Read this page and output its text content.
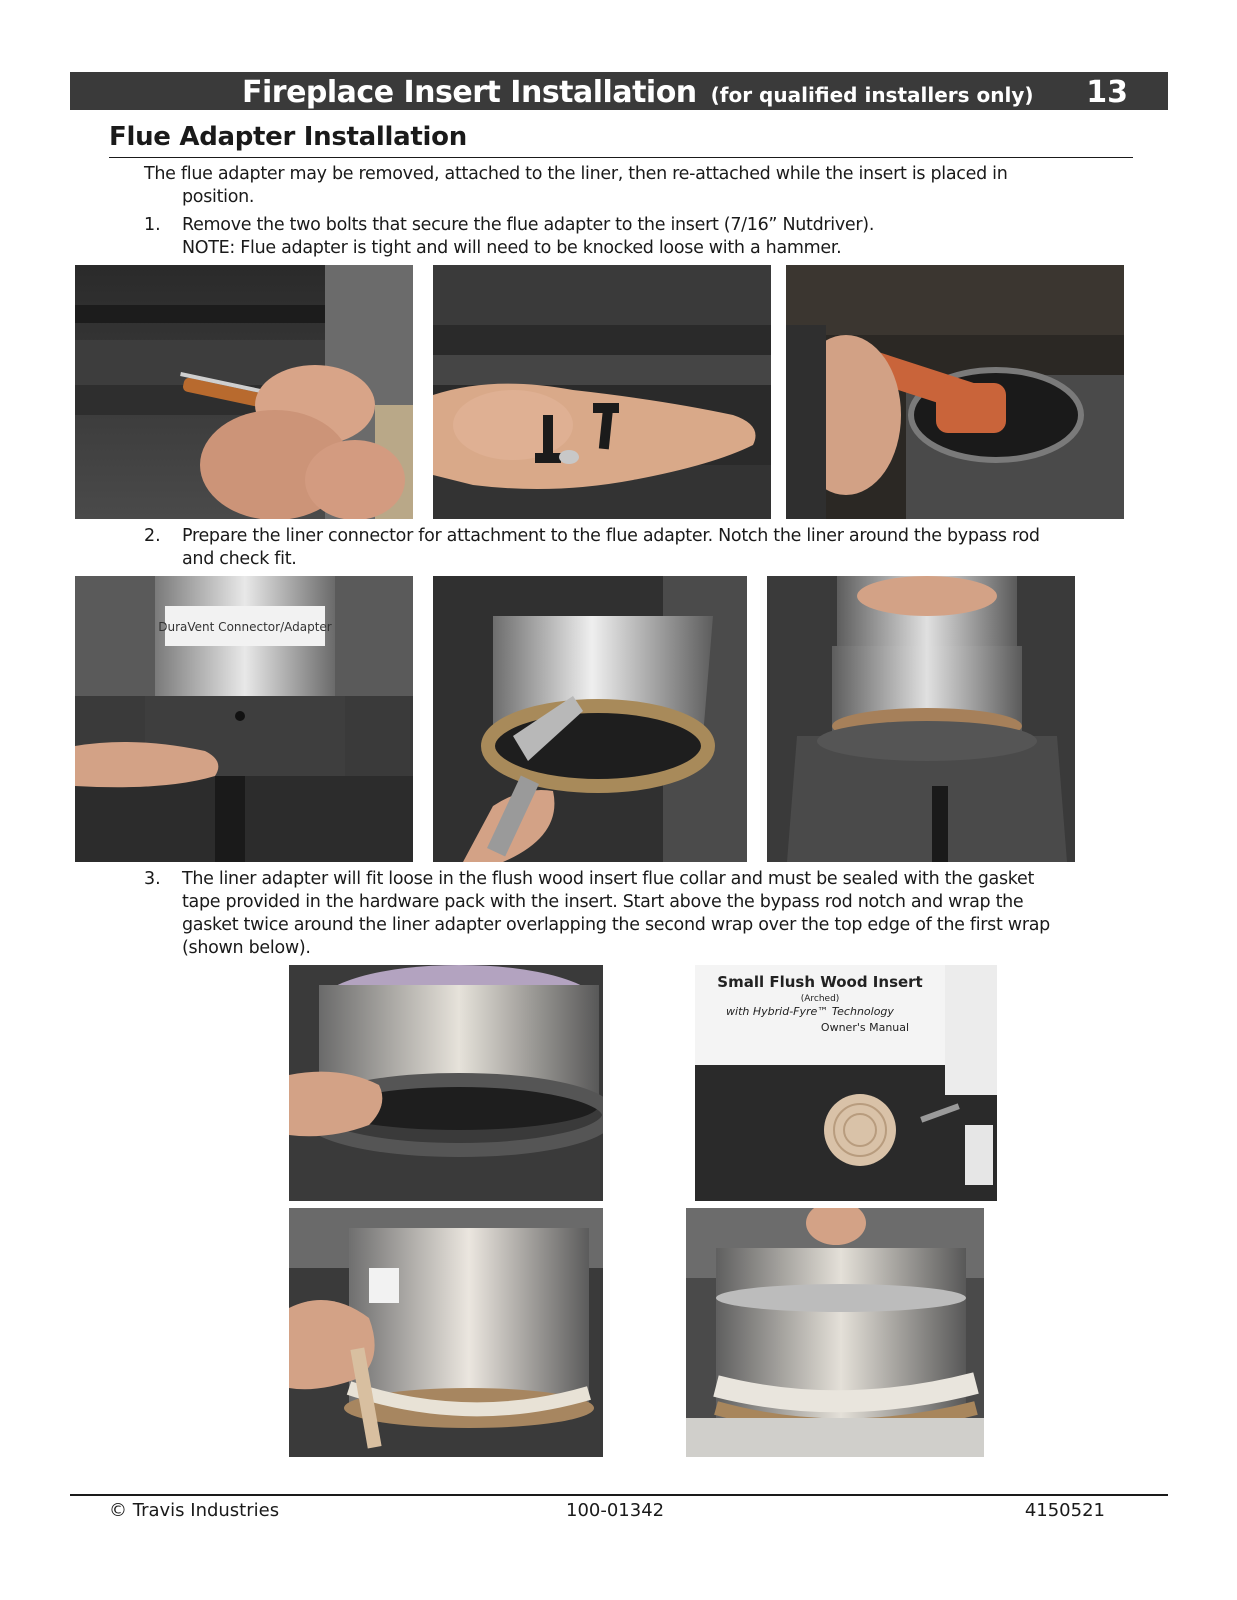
Fireplace Insert Installation (for qualified installers only) 13
Flue Adapter Installation
The flue adapter may be removed, attached to the liner, then re-attached while the insert is placed in
position.
1. Remove the two bolts that secure the flue adapter to the insert (7/16” Nutdriver).
NOTE: Flue adapter is tight and will need to be knocked loose with a hammer.
2. Prepare the liner connector for attachment to the flue adapter. Notch the liner around the bypass rod
and check fit.
DuraVent Connector/Adapter
3. The liner adapter will fit loose in the flush wood insert flue collar and must be sealed with the gasket
tape provided in the hardware pack with the insert. Start above the bypass rod notch and wrap the
gasket twice around the liner adapter overlapping the second wrap over the top edge of the first wrap
(shown below).
Small Flush Wood Insert
(Arched)
with Hybrid-Fyre™ Technology
Owner's Manual
© Travis Industries	100-01342	4150521
